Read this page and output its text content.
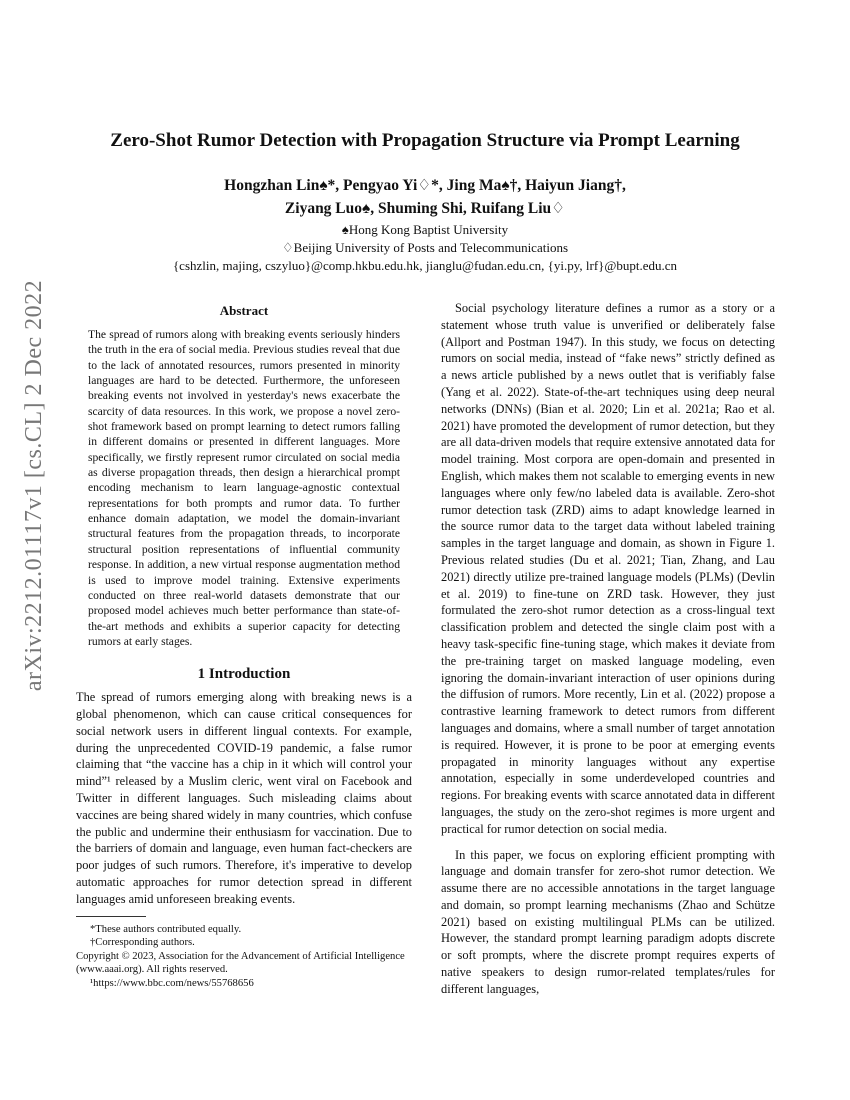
arXiv:2212.01117v1 [cs.CL] 2 Dec 2022
Zero-Shot Rumor Detection with Propagation Structure via Prompt Learning
Hongzhan Lin♠*, Pengyao Yi♢*, Jing Ma♠†, Haiyun Jiang†,
Ziyang Luo♠, Shuming Shi, Ruifang Liu♢
♠Hong Kong Baptist University
♢Beijing University of Posts and Telecommunications
{cshzlin, majing, cszyluo}@comp.hkbu.edu.hk, jianglu@fudan.edu.cn, {yi.py, lrf}@bupt.edu.cn
Abstract

The spread of rumors along with breaking events seriously hinders the truth in the era of social media. Previous studies reveal that due to the lack of annotated resources, rumors presented in minority languages are hard to be detected. Furthermore, the unforeseen breaking events not involved in yesterday's news exacerbate the scarcity of data resources. In this work, we propose a novel zero-shot framework based on prompt learning to detect rumors falling in different domains or presented in different languages. More specifically, we firstly represent rumor circulated on social media as diverse propagation threads, then design a hierarchical prompt encoding mechanism to learn language-agnostic contextual representations for both prompts and rumor data. To further enhance domain adaptation, we model the domain-invariant structural features from the propagation threads, to incorporate structural position representations of influential community response. In addition, a new virtual response augmentation method is used to improve model training. Extensive experiments conducted on three real-world datasets demonstrate that our proposed model achieves much better performance than state-of-the-art methods and exhibits a superior capacity for detecting rumors at early stages.

1 Introduction

The spread of rumors emerging along with breaking news is a global phenomenon, which can cause critical consequences for social network users in different lingual contexts. For example, during the unprecedented COVID-19 pandemic, a false rumor claiming that “the vaccine has a chip in it which will control your mind”¹ released by a Muslim cleric, went viral on Facebook and Twitter in different languages. Such misleading claims about vaccines are being shared widely in many countries, which confuse the public and undermine their enthusiasm for vaccination. Due to the barriers of domain and language, even human fact-checkers are poor judges of such rumors. Therefore, it's imperative to develop automatic approaches for rumor detection spread in different languages amid unforeseen breaking events.

*These authors contributed equally.
†Corresponding authors.
Copyright © 2023, Association for the Advancement of Artificial Intelligence (www.aaai.org). All rights reserved.
¹https://www.bbc.com/news/55768656

Social psychology literature defines a rumor as a story or a statement whose truth value is unverified or deliberately false (Allport and Postman 1947). In this study, we focus on detecting rumors on social media, instead of “fake news” strictly defined as a news article published by a news outlet that is verifiably false (Yang et al. 2022). State-of-the-art techniques using deep neural networks (DNNs) (Bian et al. 2020; Lin et al. 2021a; Rao et al. 2021) have promoted the development of rumor detection, but they are all data-driven models that require extensive annotated data for model training. Most corpora are open-domain and presented in English, which makes them not scalable to emerging events in new languages where only few/no labeled data is available. Zero-shot rumor detection task (ZRD) aims to adapt knowledge learned in the source rumor data to the target data without labeled training samples in the target language and domain, as shown in Figure 1. Previous related studies (Du et al. 2021; Tian, Zhang, and Lau 2021) directly utilize pre-trained language models (PLMs) (Devlin et al. 2019) to fine-tune on ZRD task. However, they just formulated the zero-shot rumor detection as a cross-lingual text classification problem and detected the single claim post with a heavy task-specific fine-tuning stage, which makes it deviate from the pre-training target on masked language modeling, even ignoring the domain-invariant interaction of user opinions during the diffusion of rumors. More recently, Lin et al. (2022) propose a contrastive learning framework to detect rumors from different languages and domains, where a small number of target annotation is required. However, it is prone to be poor at emerging events propagated in minority languages without any expertise annotation, especially in some underdeveloped countries and regions. For breaking events with scarce annotated data in different languages, the study on the zero-shot regimes is more urgent and practical for rumor detection on social media.

In this paper, we focus on exploring efficient prompting with language and domain transfer for zero-shot rumor detection. We assume there are no accessible annotations in the target language and domain, so prompt learning mechanisms (Zhao and Schütze 2021) based on existing multilingual PLMs can be utilized. However, the standard prompt learning paradigm adopts discrete or soft prompts, where the discrete prompt requires experts of native speakers to design rumor-related templates/rules for different languages,
